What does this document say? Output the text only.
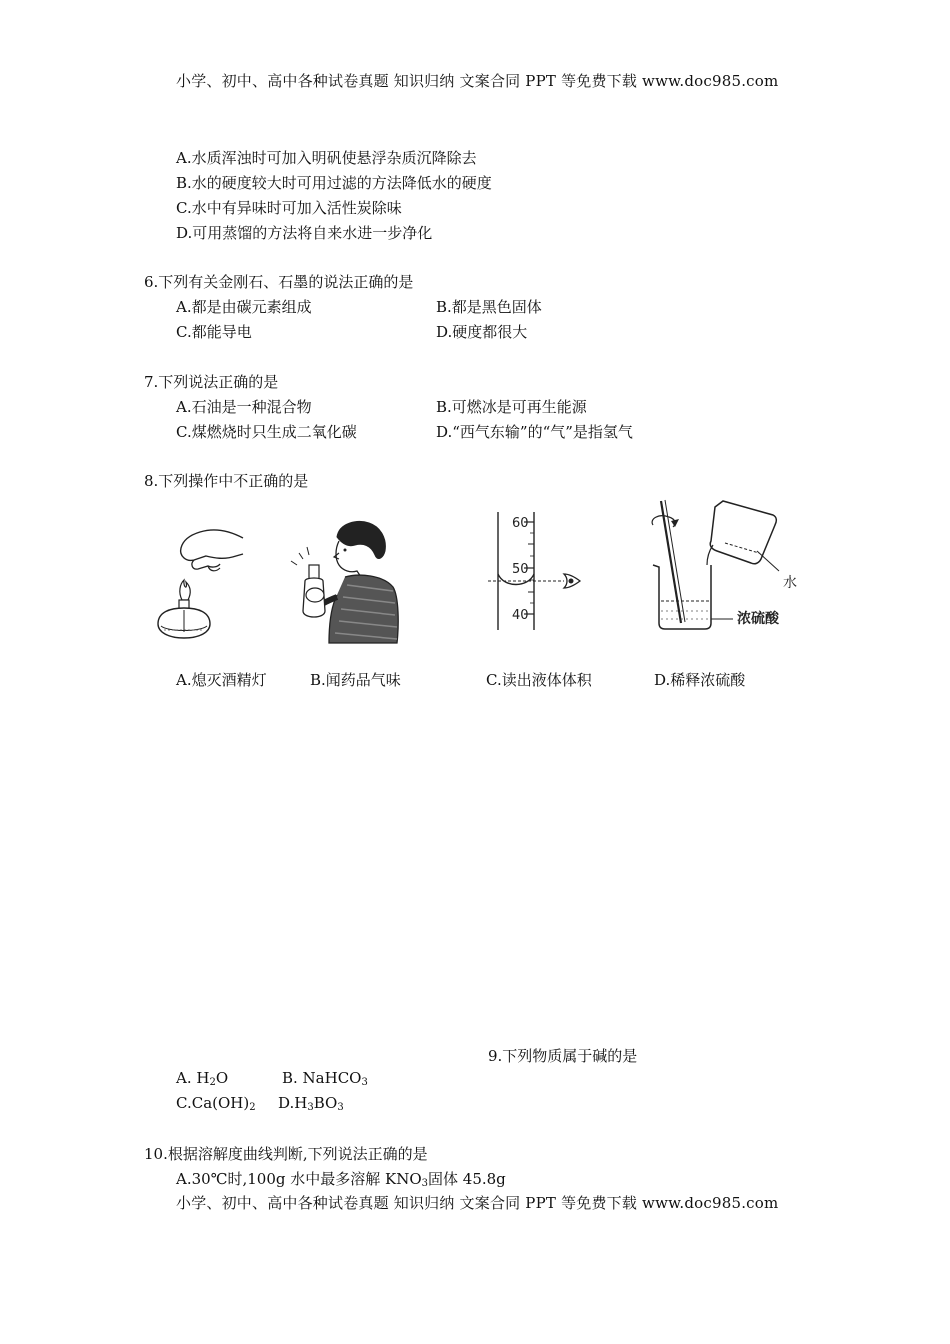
小学、初中、高中各种试卷真题 知识归纳 文案合同 PPT 等免费下载 www.doc985.com
A.水质浑浊时可加入明矾使悬浮杂质沉降除去
B.水的硬度较大时可用过滤的方法降低水的硬度
C.水中有异味时可加入活性炭除味
D.可用蒸馏的方法将自来水进一步净化
6.下列有关金刚石、石墨的说法正确的是
A.都是由碳元素组成	B.都是黑色固体
C.都能导电	D.硬度都很大
7.下列说法正确的是
A.石油是一种混合物	B.可燃冰是可再生能源
C.煤燃烧时只生成二氧化碳	D.“西气东输”的“气”是指氢气
8.下列操作中不正确的是
60
50
40
水
浓硫酸
A.熄灭酒精灯	B.闻药品气味	C.读出液体体积	D.稀释浓硫酸
9.下列物质属于碱的是
A. $H_2O$	B. NaHCO$_3$
$C.Ca(OH)_2$ $D.H_3BO_3$
10.根据溶解度曲线判断,下列说法正确的是
A.30℃时,100g 水中最多溶解 $KNO_3$固体 45.8g
小学、初中、高中各种试卷真题 知识归纳 文案合同 PPT 等免费下载 www.doc985.com
